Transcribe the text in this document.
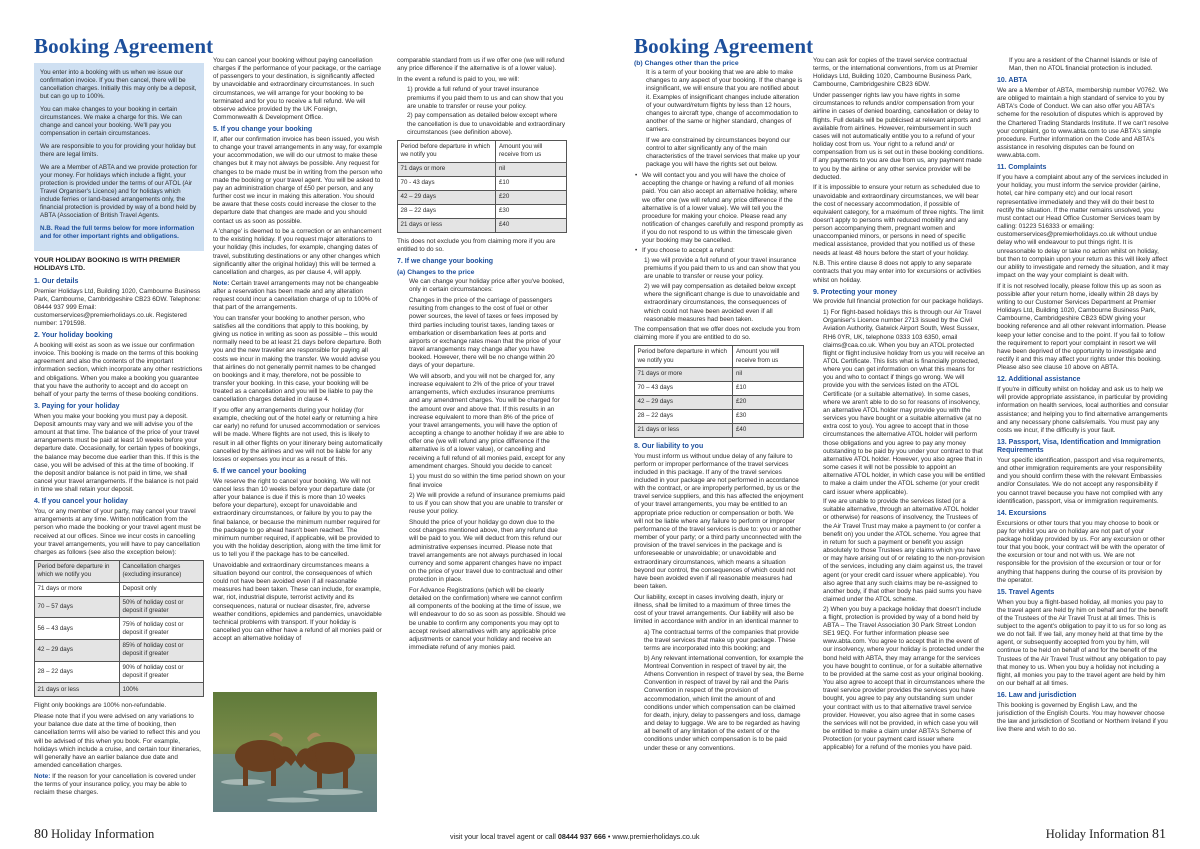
Booking Agreement

You enter into a booking with us when we issue our confirmation invoice. If you then cancel, there will be cancellation charges. Initially this may only be a deposit, but can go up to 100%.

You can make changes to your booking in certain circumstances. We make a charge for this. We can change and cancel your booking. We'll pay you compensation in certain circumstances.

We are responsible to you for providing your holiday but there are legal limits.

We are a Member of ABTA and we provide protection for your money. For holidays which include a flight, your protection is provided under the terms of our ATOL (Air Travel Organiser's Licence) and for holidays which include ferries or land-based arrangements only, the financial protection is provided by way of a bond held by ABTA (Association of British Travel Agents.

N.B. Read the full terms below for more information and for other important rights and obligations.

YOUR HOLIDAY BOOKING IS WITH PREMIER HOLIDAYS LTD.
1. Our details

Premier Holidays Ltd, Building 1020, Cambourne Business Park, Cambourne, Cambridgeshire CB23 6DW. Telephone: 08444 937 999 Email: customerservices@premierholidays.co.uk. Registered number: 1791598.

2. Your holiday booking

A booking will exist as soon as we issue our confirmation invoice. This booking is made on the terms of this booking agreement and also the contents of the important information section, which incorporate any other restrictions and obligations. When you make a booking you guarantee that you have the authority to accept and do accept on behalf of your party the terms of these booking conditions.

3. Paying for your holiday

When you make your booking you must pay a deposit. Deposit amounts may vary and we will advise you of the amount at that time. The balance of the price of your travel arrangements must be paid at least 10 weeks before your departure date. Occasionally, for certain types of bookings, the balance may become due earlier than this. If this is the case, you will be advised of this at the time of booking. If the deposit and/or balance is not paid in time, we shall cancel your travel arrangements. If the balance is not paid in time we shall retain your deposit.

4. If you cancel your holiday

You, or any member of your party, may cancel your travel arrangements at any time. Written notification from the person who made the booking or your travel agent must be received at our offices. Since we incur costs in cancelling your travel arrangements, you will have to pay cancellation charges as follows (see also the exception below):

Period before departure in which we notify you	Cancellation charges (excluding insurance)
71 days or more	Deposit only
70 – 57 days	50% of holiday cost or deposit if greater
56 – 43 days	75% of holiday cost or deposit if greater
42 – 29 days	85% of holiday cost or deposit if greater
28 – 22 days	90% of holiday cost or deposit if greater
21 days or less	100%

Flight only bookings are 100% non-refundable.

Please note that if you were advised on any variations to your balance due date at the time of booking, then cancellation terms will also be varied to reflect this and you will be advised of this when you book. For example, holidays which include a cruise, and certain tour itineraries, will generally have an earlier balance due date and amended cancellation charges.

Note: If the reason for your cancellation is covered under the terms of your insurance policy, you may be able to reclaim these charges.

You can cancel your booking without paying cancellation charges if the performance of your package, or the carriage of passengers to your destination, is significantly affected by unavoidable and extraordinary circumstances. In such circumstances, we will arrange for your booking to be terminated and for you to receive a full refund. We will observe advice provided by the UK Foreign, Commonwealth & Development Office.

5. If you change your booking

If, after our confirmation invoice has been issued, you wish to change your travel arrangements in any way, for example your accommodation, we will do our utmost to make these changes but it may not always be possible. Any request for changes to be made must be in writing from the person who made the booking or your travel agent. You will be asked to pay an administration charge of £50 per person, and any further cost we incur in making this alteration. You should be aware that these costs could increase the closer to the departure date that changes are made and you should contact us as soon as possible.

A 'change' is deemed to be a correction or an enhancement to the existing holiday. If you request major alterations to your holiday (this includes, for example, changing dates of travel, substituting destinations or any other changes which significantly alter the original holiday) this will be termed a cancellation and charges, as per clause 4, will apply.

Note: Certain travel arrangements may not be changeable after a reservation has been made and any alteration request could incur a cancellation charge of up to 100% of that part of the arrangements.

You can transfer your booking to another person, who satisfies all the conditions that apply to this booking, by giving us notice in writing as soon as possible – this would normally need to be at least 21 days before departure. Both you and the new traveller are responsible for paying all costs we incur in making the transfer. We would advise you that airlines do not generally permit names to be changed on bookings and it may, therefore, not be possible to transfer your booking. In this case, your booking will be treated as a cancellation and you will be liable to pay the cancellation charges detailed in clause 4.

If you offer any arrangements during your holiday (for example, checking out of the hotel early or returning a hire car early) no refund for unused accommodation or services will be made. Where flights are not used, this is likely to result in all other flights on your itinerary being automatically cancelled by the airlines and we will not be liable for any losses or expenses you incur as a result of this.

6. If we cancel your booking

We reserve the right to cancel your booking. We will not cancel less than 10 weeks before your departure date (or after your balance is due if this is more than 10 weeks before your departure), except for unavoidable and extraordinary circumstances, or failure by you to pay the final balance, or because the minimum number required for the package to go ahead hasn't been reached. The minimum number required, if applicable, will be provided to you with the holiday description, along with the time limit for us to tell you if the package has to be cancelled.

Unavoidable and extraordinary circumstances means a situation beyond our control, the consequences of which could not have been avoided even if all reasonable measures had been taken. These can include, for example, war, riot, industrial dispute, terrorist activity and its consequences, natural or nuclear disaster, fire, adverse weather conditions, epidemics and pandemics, unavoidable technical problems with transport. If your holiday is cancelled you can either have a refund of all monies paid or accept an alternative holiday of

comparable standard from us if we offer one (we will refund any price difference if the alternative is of a lower value).

In the event a refund is paid to you, we will:

1) provide a full refund of your travel insurance premiums if you paid them to us and can show that you are unable to transfer or reuse your policy.
2) pay compensation as detailed below except where the cancellation is due to unavoidable and extraordinary circumstances (see definition above).
Period before departure in which we notify you	Amount you will receive from us
71 days or more	nil
70 - 43 days	£10
42 – 29 days	£20
28 – 22 days	£30
21 days or less	£40

This does not exclude you from claiming more if you are entitled to do so.

7. If we change your booking
(a) Changes to the price

We can change your holiday price after you've booked, only in certain circumstances:

Changes in the price of the carriage of passengers resulting from changes to the cost of fuel or other power sources, the level of taxes or fees imposed by third parties including tourist taxes, landing taxes or embarkation or disembarkation fees at ports and airports or exchange rates mean that the price of your travel arrangements may change after you have booked. However, there will be no change within 20 days of your departure.

We will absorb, and you will not be charged for, any increase equivalent to 2% of the price of your travel arrangements, which excludes insurance premiums and any amendment charges. You will be charged for the amount over and above that. If this results in an increase equivalent to more than 8% of the price of your travel arrangements, you will have the option of accepting a change to another holiday if we are able to offer one (we will refund any price difference if the alternative is of a lower value), or cancelling and receiving a full refund of all monies paid, except for any amendment charges. Should you decide to cancel:

1) you must do so within the time period shown on your final invoice

2) We will provide a refund of insurance premiums paid to us if you can show that you are unable to transfer or reuse your policy.

Should the price of your holiday go down due to the cost changes mentioned above, then any refund due will be paid to you. We will deduct from this refund our administrative expenses incurred. Please note that travel arrangements are not always purchased in local currency and some apparent changes have no impact on the price of your travel due to contractual and other protection in place.

For Advance Registrations (which will be clearly detailed on the confirmation) where we cannot confirm all components of the booking at the time of issue, we will endeavour to do so as soon as possible. Should we be unable to confirm any components you may opt to accept revised alternatives with any applicable price adjustments or cancel your holiday and receive an immediate refund of any monies paid.

80 Holiday Information
Booking Agreement
(b) Changes other than the price

It is a term of your booking that we are able to make changes to any aspect of your booking. If the change is insignificant, we will ensure that you are notified about it. Examples of insignificant changes include alteration of your outward/return flights by less than 12 hours, changes to aircraft type, change of accommodation to another of the same or higher standard, changes of carriers.

If we are constrained by circumstances beyond our control to alter significantly any of the main characteristics of the travel services that make up your package you will have the rights set out below.

• We will contact you and you will have the choice of accepting the change or having a refund of all monies paid. You can also accept an alternative holiday, where we offer one (we will refund any price difference if the alternative is of a lower value). We will tell you the procedure for making your choice. Please read any notification of changes carefully and respond promptly as if you do not respond to us within the timescale given your booking may be cancelled.
• If you choose to accept a refund:
1) we will provide a full refund of your travel insurance premiums if you paid them to us and can show that you are unable to transfer or reuse your policy.
2) we will pay compensation as detailed below except where the significant change is due to unavoidable and extraordinary circumstances, the consequences of which could not have been avoided even if all reasonable measures had been taken.

The compensation that we offer does not exclude you from claiming more if you are entitled to do so.

Period before departure in which we notify you	Amount you will receive from us
71 days or more	nil
70 – 43 days	£10
42 – 29 days	£20
28 – 22 days	£30
21 days or less	£40
8. Our liability to you

You must inform us without undue delay of any failure to perform or improper performance of the travel services included in this package. If any of the travel services included in your package are not performed in accordance with the contract, or are improperly performed, by us or the travel service suppliers, and this has affected the enjoyment of your travel arrangements, you may be entitled to an appropriate price reduction or compensation or both. We will not be liable where any failure to perform or improper performance of the travel services is due to: you or another member of your party; or a third party unconnected with the provision of the travel services in the package and is unforeseeable or unavoidable; or unavoidable and extraordinary circumstances, which means a situation beyond our control, the consequences of which could not have been avoided even if all reasonable measures had been taken.

Our liability, except in cases involving death, injury or illness, shall be limited to a maximum of three times the cost of your travel arrangements. Our liability will also be limited in accordance with and/or in an identical manner to

a) The contractual terms of the companies that provide the travel services that make up your package. These terms are incorporated into this booking; and
b) Any relevant international convention, for example the Montreal Convention in respect of travel by air, the Athens Convention in respect of travel by sea, the Berne Convention in respect of travel by rail and the Paris Convention in respect of the provision of accommodation, which limit the amount of and conditions under which compensation can be claimed for death, injury, delay to passengers and loss, damage and delay to luggage. We are to be regarded as having all benefit of any limitation of the extent of or the conditions under which compensation is to be paid under these or any conventions.

You can ask for copies of the travel service contractual terms, or the international conventions, from us at Premier Holidays Ltd, Building 1020, Cambourne Business Park, Cambourne, Cambridgeshire CB23 6DW.

Under passenger rights law you have rights in some circumstances to refunds and/or compensation from your airline in cases of denied boarding, cancellation or delay to flights. Full details will be publicised at relevant airports and available from airlines. However, reimbursement in such cases will not automatically entitle you to a refund of your holiday cost from us. Your right to a refund and/ or compensation from us is set out in these booking conditions. If any payments to you are due from us, any payment made to you by the airline or any other service provider will be deducted.

If it is impossible to ensure your return as scheduled due to unavoidable and extraordinary circumstances, we will bear the cost of necessary accommodation, if possible of equivalent category, for a maximum of three nights. The limit doesn't apply to persons with reduced mobility and any person accompanying them, pregnant women and unaccompanied minors, or persons in need of specific medical assistance, provided that you notified us of these needs at least 48 hours before the start of your holiday.

N.B. This entire clause 8 does not apply to any separate contracts that you may enter into for excursions or activities whilst on holiday.

9. Protecting your money

We provide full financial protection for our package holidays.

1) For flight-based holidays this is through our Air Travel Organiser's Licence number 2713 issued by the Civil Aviation Authority, Gatwick Airport South, West Sussex, RH6 0YR, UK, telephone 0333 103 6350, email claims@caa.co.uk. When you buy an ATOL protected flight or flight inclusive holiday from us you will receive an ATOL Certificate. This lists what is financially protected, where you can get information on what this means for you and who to contact if things go wrong. We will provide you with the services listed on the ATOL Certificate (or a suitable alternative). In some cases, where we aren't able to do so for reasons of insolvency, an alternative ATOL holder may provide you with the services you have bought or a suitable alternative (at no extra cost to you). You agree to accept that in those circumstances the alternative ATOL holder will perform those obligations and you agree to pay any money outstanding to be paid by you under your contract to that alternative ATOL holder. However, you also agree that in some cases it will not be possible to appoint an alternative ATOL holder, in which case you will be entitled to make a claim under the ATOL scheme (or your credit card issuer where applicable).
If we are unable to provide the services listed (or a suitable alternative, through an alternative ATOL holder or otherwise) for reasons of insolvency, the Trustees of the Air Travel Trust may make a payment to (or confer a benefit on) you under the ATOL scheme. You agree that in return for such a payment or benefit you assign absolutely to those Trustees any claims which you have or may have arising out of or relating to the non-provision of the services, including any claim against us, the travel agent (or your credit card issuer where applicable). You also agree that any such claims may be re-assigned to another body, if that other body has paid sums you have claimed under the ATOL scheme.
2) When you buy a package holiday that doesn't include a flight, protection is provided by way of a bond held by ABTA – The Travel Association 30 Park Street London SE1 9EQ. For further information please see www.abta.com. You agree to accept that in the event of our insolvency, where your holiday is protected under the bond held with ABTA, they may arrange for the services you have bought to continue, or for a suitable alternative to be provided at the same cost as your original booking. You also agree to accept that in circumstances where the travel service provider provides the services you have bought, you agree to pay any outstanding sum under your contract with us to that alternative travel service provider. However, you also agree that in some cases the services will not be provided, in which case you will be entitled to make a claim under ABTA's Scheme of Protection (or your payment card issuer where applicable) for a refund of the monies you have paid.

If you are a resident of the Channel Islands or Isle of Man, then no ATOL financial protection is included.

10. ABTA

We are a Member of ABTA, membership number V0762. We are obliged to maintain a high standard of service to you by ABTA's Code of Conduct. We can also offer you ABTA's scheme for the resolution of disputes which is approved by the Chartered Trading Standards Institute. If we can't resolve your complaint, go to www.abta.com to use ABTA's simple procedure. Further information on the Code and ABTA's assistance in resolving disputes can be found on www.abta.com.

11. Complaints

If you have a complaint about any of the services included in your holiday, you must inform the service provider (airline, hotel, car hire company etc) and our local resort representative immediately and they will do their best to rectify the situation. If the matter remains unsolved, you must contact our Head Office Customer Services team by calling: 01223 516333 or emailing: customerservices@premierholidays.co.uk without undue delay who will endeavour to put things right. It is unreasonable to delay or take no action whilst on holiday, but then to complain upon your return as this will likely affect our ability to investigate and remedy the situation, and it may impact on the way your complaint is dealt with.

If it is not resolved locally, please follow this up as soon as possible after your return home, ideally within 28 days by writing to our Customer Services Department at Premier Holidays Ltd, Building 1020, Cambourne Business Park, Cambourne, Cambridgeshire CB23 6DW giving your booking reference and all other relevant information. Please keep your letter concise and to the point. If you fail to follow the requirement to report your complaint in resort we will have been deprived of the opportunity to investigate and rectify it and this may affect your rights under this booking. Please also see clause 10 above on ABTA.

12. Additional assistance

If you're in difficulty whilst on holiday and ask us to help we will provide appropriate assistance, in particular by providing information on health services, local authorities and consular assistance; and helping you to find alternative arrangements and any necessary phone calls/emails. You must pay any costs we incur, if the difficulty is your fault.

13. Passport, Visa, Identification and Immigration Requirements

Your specific identification, passport and visa requirements, and other immigration requirements are your responsibility and you should confirm these with the relevant Embassies and/or Consulates. We do not accept any responsibility if you cannot travel because you have not complied with any identification, passport, visa or immigration requirements.

14. Excursions

Excursions or other tours that you may choose to book or pay for whilst you are on holiday are not part of your package holiday provided by us. For any excursion or other tour that you book, your contract will be with the operator of the excursion or tour and not with us. We are not responsible for the provision of the excursion or tour or for anything that happens during the course of its provision by the operator.

15. Travel Agents

When you buy a flight-based holiday, all monies you pay to the travel agent are held by him on behalf and for the benefit of the Trustees of the Air Travel Trust at all times. This is subject to the agent's obligation to pay it to us for so long as we do not fail. If we fail, any money held at that time by the agent, or subsequently accepted from you by him, will continue to be held on behalf of and for the benefit of the Trustees of the Air Travel Trust without any obligation to pay that money to us. When you buy a holiday not including a flight, all monies you pay to the travel agent are held by him on our behalf at all times.

16. Law and jurisdiction

This booking is governed by English Law, and the jurisdiction of the English Courts. You may however choose the law and jurisdiction of Scotland or Northern Ireland if you live there and wish to do so.

Holiday Information 81
visit your local travel agent or call 08444 937 666 • www.premierholidays.co.uk
